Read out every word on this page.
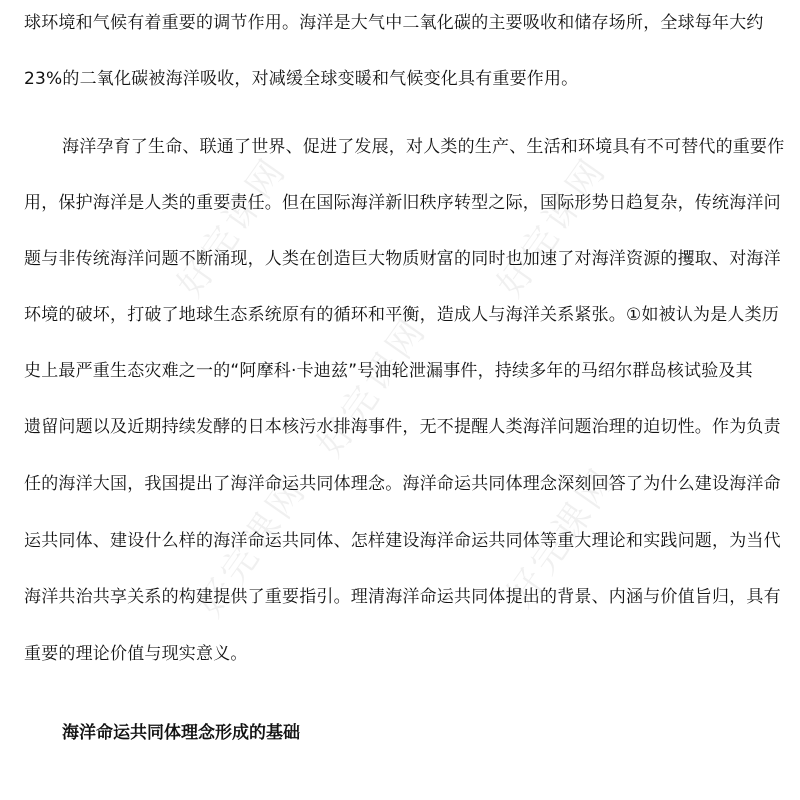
好完课网	好完课网
好完课网
好完课网	好完课网
球环境和气候有着重要的调节作用。海洋是大气中二氧化碳的主要吸收和储存场所，全球每年大约
23%的二氧化碳被海洋吸收，对减缓全球变暖和气候变化具有重要作用。
海洋孕育了生命、联通了世界、促进了发展，对人类的生产、生活和环境具有不可替代的重要作
用，保护海洋是人类的重要责任。但在国际海洋新旧秩序转型之际，国际形势日趋复杂，传统海洋问
题与非传统海洋问题不断涌现，人类在创造巨大物质财富的同时也加速了对海洋资源的攫取、对海洋
环境的破坏，打破了地球生态系统原有的循环和平衡，造成人与海洋关系紧张。①如被认为是人类历
史上最严重生态灾难之一的“阿摩科·卡迪兹”号油轮泄漏事件，持续多年的马绍尔群岛核试验及其
遗留问题以及近期持续发酵的日本核污水排海事件，无不提醒人类海洋问题治理的迫切性。作为负责
任的海洋大国，我国提出了海洋命运共同体理念。海洋命运共同体理念深刻回答了为什么建设海洋命
运共同体、建设什么样的海洋命运共同体、怎样建设海洋命运共同体等重大理论和实践问题，为当代
海洋共治共享关系的构建提供了重要指引。理清海洋命运共同体提出的背景、内涵与价值旨归，具有
重要的理论价值与现实意义。
海洋命运共同体理念形成的基础
